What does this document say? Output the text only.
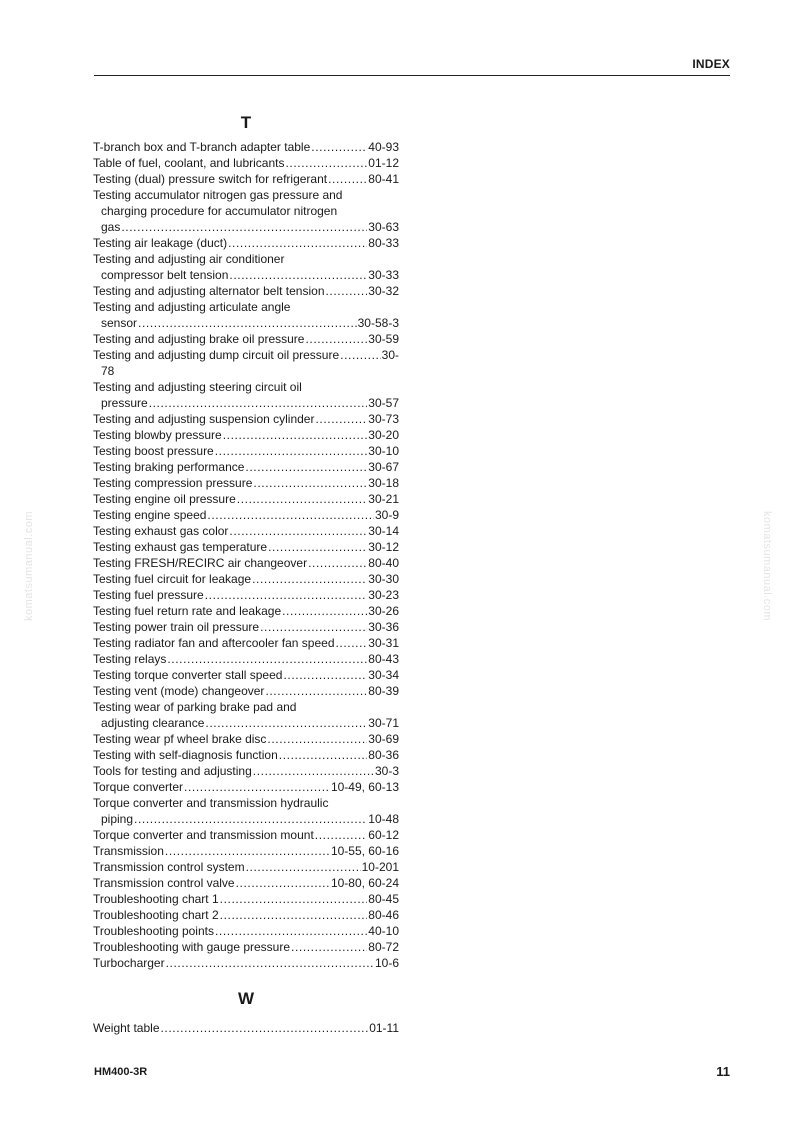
INDEX
komatsumanual.com	komatsumanual.com
T
T-branch box and T-branch adapter table .....	40-93
Table of fuel, coolant, and lubricants .....	01-12
Testing (dual) pressure switch for refrigerant .....	80-41
Testing accumulator nitrogen gas pressure and
charging procedure for accumulator nitrogen
gas .....	30-63
Testing air leakage (duct) .....	80-33
Testing and adjusting air conditioner
compressor belt tension .....	30-33
Testing and adjusting alternator belt tension .....	30-32
Testing and adjusting articulate angle
sensor .....	30-58-3
Testing and adjusting brake oil pressure .....	30-59
Testing and adjusting dump circuit oil pressure .....	30-
78
Testing and adjusting steering circuit oil
pressure .....	30-57
Testing and adjusting suspension cylinder .....	30-73
Testing blowby pressure .....	30-20
Testing boost pressure .....	30-10
Testing braking performance .....	30-67
Testing compression pressure .....	30-18
Testing engine oil pressure .....	30-21
Testing engine speed .....	30-9
Testing exhaust gas color .....	30-14
Testing exhaust gas temperature .....	30-12
Testing FRESH/RECIRC air changeover .....	80-40
Testing fuel circuit for leakage .....	30-30
Testing fuel pressure .....	30-23
Testing fuel return rate and leakage .....	30-26
Testing power train oil pressure .....	30-36
Testing radiator fan and aftercooler fan speed .....	30-31
Testing relays .....	80-43
Testing torque converter stall speed .....	30-34
Testing vent (mode) changeover .....	80-39
Testing wear of parking brake pad and
adjusting clearance .....	30-71
Testing wear pf wheel brake disc .....	30-69
Testing with self-diagnosis function .....	80-36
Tools for testing and adjusting .....	30-3
Torque converter .....	10-49, 60-13
Torque converter and transmission hydraulic
piping .....	10-48
Torque converter and transmission mount .....	60-12
Transmission .....	10-55, 60-16
Transmission control system .....	10-201
Transmission control valve .....	10-80, 60-24
Troubleshooting chart 1 .....	80-45
Troubleshooting chart 2 .....	80-46
Troubleshooting points .....	40-10
Troubleshooting with gauge pressure .....	80-72
Turbocharger .....	10-6
W
Weight table .....	01-11
HM400-3R	11
